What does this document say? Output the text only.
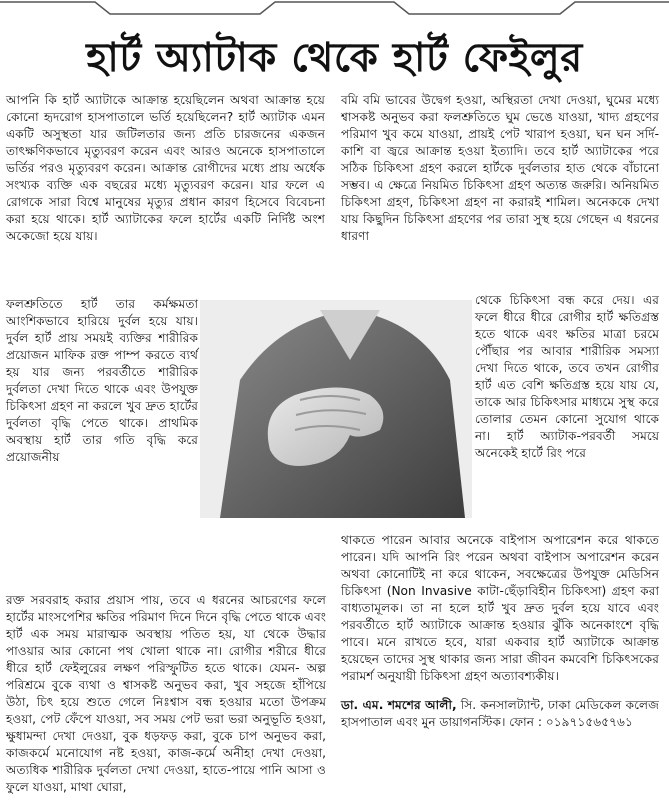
হার্ট অ্যাটাক থেকে হার্ট ফেইলুর

আপনি কি হার্ট অ্যাটাকে আক্রান্ত হয়েছিলেন অথবা আক্রান্ত হয়ে কোনো হৃদরোগ হাসপাতালে ভর্তি হয়েছিলেন? হার্ট অ্যাটাক এমন একটি অসুস্থতা যার জটিলতার জন্য প্রতি চারজনের একজন তাৎক্ষণিকভাবে মৃত্যুবরণ করেন এবং আরও অনেকে হাসপাতালে ভর্তির পরও মৃত্যুবরণ করেন। আক্রান্ত রোগীদের মধ্যে প্রায় অর্ধেক সংখ্যক ব্যক্তি এক বছরের মধ্যে মৃত্যুবরণ করেন। যার ফলে এ রোগকে সারা বিশ্বে মানুষের মৃত্যুর প্রধান কারণ হিসেবে বিবেচনা করা হয়ে থাকে। হার্ট অ্যাটাকের ফলে হার্টের একটি নির্দিষ্ট অংশ অকেজো হয়ে যায়।

ফলশ্রুতিতে হার্ট তার কর্মক্ষমতা আংশিকভাবে হারিয়ে দুর্বল হয়ে যায়। দুর্বল হার্ট প্রায় সময়ই ব্যক্তির শারীরিক প্রয়োজন মাফিক রক্ত পাম্প করতে ব্যর্থ হয় যার জন্য পরবর্তীতে শারীরিক দুর্বলতা দেখা দিতে থাকে এবং উপযুক্ত চিকিৎসা গ্রহণ না করলে খুব দ্রুত হার্টের দুর্বলতা বৃদ্ধি পেতে থাকে। প্রাথমিক অবস্থায় হার্ট তার গতি বৃদ্ধি করে প্রয়োজনীয়

বমি বমি ভাবের উদ্বেগ হওয়া, অস্থিরতা দেখা দেওয়া, ঘুমের মধ্যে শ্বাসকষ্ট অনুভব করা ফলশ্রুতিতে ঘুম ভেঙে যাওয়া, খাদ্য গ্রহণের পরিমাণ খুব কমে যাওয়া, প্রায়ই পেট খারাপ হওয়া, ঘন ঘন সর্দি-কাশি বা জ্বরে আক্রান্ত হওয়া ইত্যাদি। তবে হার্ট অ্যাটাকের পরে সঠিক চিকিৎসা গ্রহণ করলে হার্টকে দুর্বলতার হাত থেকে বাঁচানো সম্ভব। এ ক্ষেত্রে নিয়মিত চিকিৎসা গ্রহণ অত্যন্ত জরুরি। অনিয়মিত চিকিৎসা গ্রহণ, চিকিৎসা গ্রহণ না করারই শামিল। অনেককে দেখা যায় কিছুদিন চিকিৎসা গ্রহণের পর তারা সুস্থ হয়ে গেছেন এ ধরনের ধারণা

থেকে চিকিৎসা বন্ধ করে দেয়। এর ফলে ধীরে ধীরে রোগীর হার্ট ক্ষতিগ্রস্ত হতে থাকে এবং ক্ষতির মাত্রা চরমে পৌঁছার পর আবার শারীরিক সমস্যা দেখা দিতে থাকে, তবে তখন রোগীর হার্ট এত বেশি ক্ষতিগ্রস্ত হয়ে যায় যে, তাকে আর চিকিৎসার মাধ্যমে সুস্থ করে তোলার তেমন কোনো সুযোগ থাকে না। হার্ট অ্যাটাক-পরবর্তী সময়ে অনেকেই হার্টে রিং পরে
রক্ত সরবরাহ করার প্রয়াস পায়, তবে এ ধরনের আচরণের ফলে হার্টের মাংসপেশির ক্ষতির পরিমাণ দিনে দিনে বৃদ্ধি পেতে থাকে এবং হার্ট এক সময় মারাত্মক অবস্থায় পতিত হয়, যা থেকে উদ্ধার পাওয়ার আর কোনো পথ খোলা থাকে না। রোগীর শরীরে ধীরে ধীরে হার্ট ফেইলুরের লক্ষণ পরিস্ফুটিত হতে থাকে। যেমন- অল্প পরিশ্রমে বুকে ব্যথা ও শ্বাসকষ্ট অনুভব করা, খুব সহজে হাঁপিয়ে উঠা, চিৎ হয়ে শুতে গেলে নিঃশ্বাস বন্ধ হওয়ার মতো উপক্রম হওয়া, পেট ফেঁপে যাওয়া, সব সময় পেট ভরা ভরা অনুভূতি হওয়া, ক্ষুধামন্দা দেখা দেওয়া, বুক ধড়ফড় করা, বুকে চাপ অনুভব করা, কাজকর্মে মনোযোগ নষ্ট হওয়া, কাজ-কর্মে অনীহা দেখা দেওয়া, অত্যধিক শারীরিক দুর্বলতা দেখা দেওয়া, হাতে-পায়ে পানি আসা ও ফুলে যাওয়া, মাথা ঘোরা,

থাকতে পারেন আবার অনেকে বাইপাস অপারেশন করে থাকতে পারেন। যদি আপনি রিং পরেন অথবা বাইপাস অপারেশন করেন অথবা কোনোটিই না করে থাকেন, সবক্ষেত্রের উপযুক্ত মেডিসিন চিকিৎসা (Non Invasive কাটা-ছেঁড়াবিহীন চিকিৎসা) গ্রহণ করা বাধ্যতামূলক। তা না হলে হার্ট খুব দ্রুত দুর্বল হয়ে যাবে এবং পরবর্তীতে হার্ট অ্যাটাকে আক্রান্ত হওয়ার ঝুঁকি অনেকাংশে বৃদ্ধি পাবে। মনে রাখতে হবে, যারা একবার হার্ট অ্যাটাকে আক্রান্ত হয়েছেন তাদের সুস্থ থাকার জন্য সারা জীবন কমবেশি চিকিৎসকের পরামর্শ অনুযায়ী চিকিৎসা গ্রহণ অত্যাবশ্যকীয়।

ডা. এম. শমশের আলী, সি. কনসালট্যান্ট, ঢাকা মেডিকেল কলেজ হাসপাতাল এবং মুন ডায়াগনস্টিক। ফোন : ০১৯৭১৫৬৫৭৬১
